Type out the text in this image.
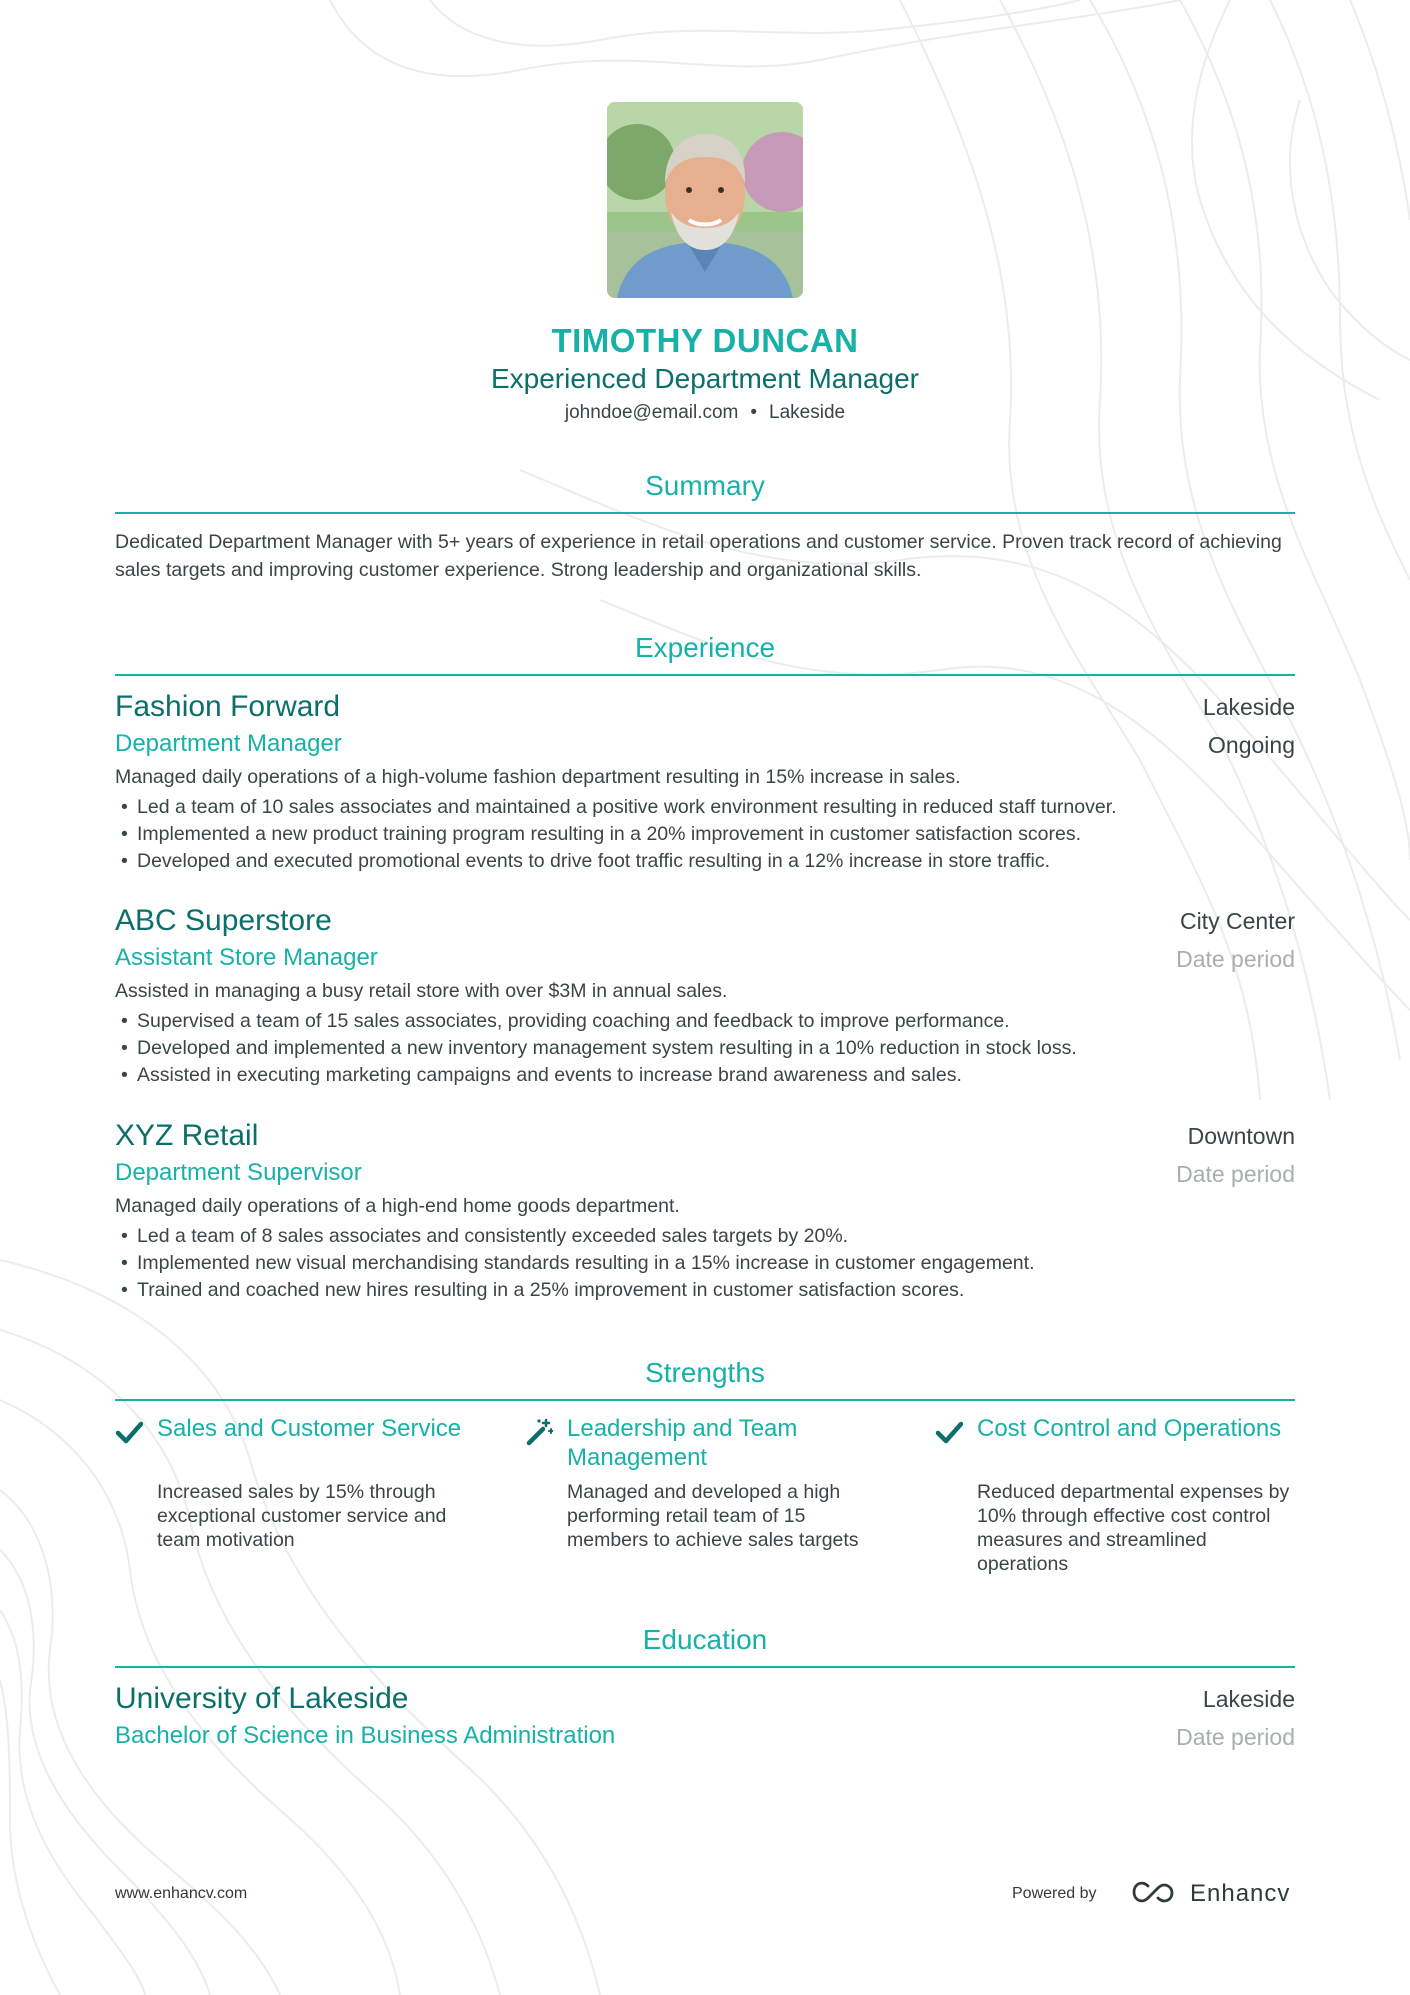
TIMOTHY DUNCAN
Experienced Department Manager
johndoe@email.com • Lakeside
Summary
Dedicated Department Manager with 5+ years of experience in retail operations and customer service. Proven track record of achieving sales targets and improving customer experience. Strong leadership and organizational skills.
Experience
Fashion Forward	Lakeside
Department Manager	Ongoing
Managed daily operations of a high-volume fashion department resulting in 15% increase in sales.
• Led a team of 10 sales associates and maintained a positive work environment resulting in reduced staff turnover.
• Implemented a new product training program resulting in a 20% improvement in customer satisfaction scores.
• Developed and executed promotional events to drive foot traffic resulting in a 12% increase in store traffic.
ABC Superstore	City Center
Assistant Store Manager	Date period
Assisted in managing a busy retail store with over $3M in annual sales.
• Supervised a team of 15 sales associates, providing coaching and feedback to improve performance.
• Developed and implemented a new inventory management system resulting in a 10% reduction in stock loss.
• Assisted in executing marketing campaigns and events to increase brand awareness and sales.
XYZ Retail	Downtown
Department Supervisor	Date period
Managed daily operations of a high-end home goods department.
• Led a team of 8 sales associates and consistently exceeded sales targets by 20%.
• Implemented new visual merchandising standards resulting in a 15% increase in customer engagement.
• Trained and coached new hires resulting in a 25% improvement in customer satisfaction scores.
Strengths
Sales and Customer Service
Increased sales by 15% through exceptional customer service and team motivation
Leadership and Team Management
Managed and developed a high performing retail team of 15 members to achieve sales targets
Cost Control and Operations
Reduced departmental expenses by 10% through effective cost control measures and streamlined operations
Education
University of Lakeside	Lakeside
Bachelor of Science in Business Administration	Date period
www.enhancv.com	Powered by	Enhancv
